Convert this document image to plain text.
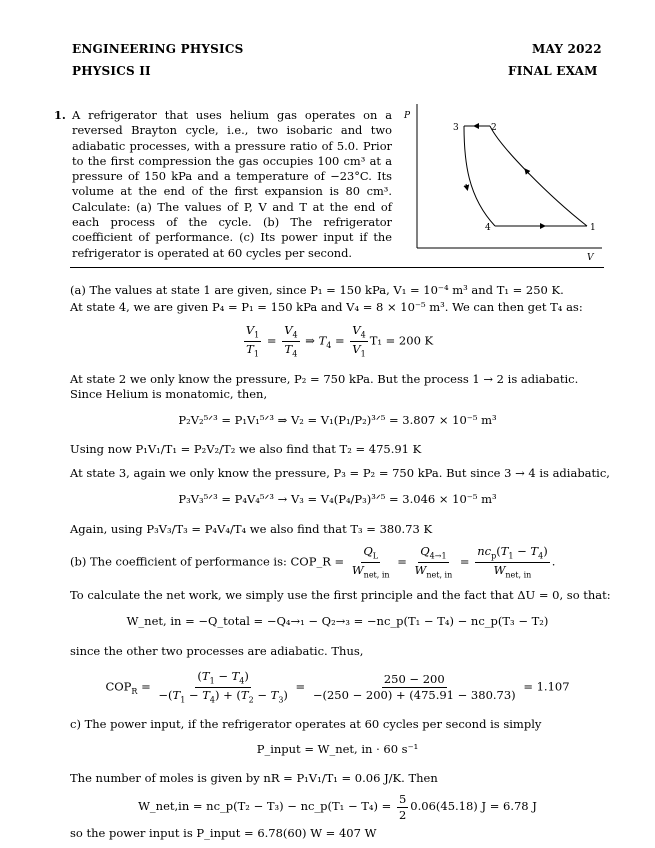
ENGINEERING PHYSICS
PHYSICS II
MAY 2022
FINAL EXAM
1. A refrigerator that uses helium gas operates on a reversed Brayton cycle, i.e., two isobaric and two adiabatic processes, with a pressure ratio of 5.0. Prior to the first compression the gas occupies 100 cm³ at a pressure of 150 kPa and a temperature of −23°C. Its volume at the end of the first expansion is 80 cm³. Calculate: (a) The values of P, V and T at the end of each process of the cycle. (b) The refrigerator coefficient of performance. (c) Its power input if the refrigerator is operated at 60 cycles per second.
P
V
1
2
3
4
(a) The values at state 1 are given, since P₁ = 150 kPa, V₁ = 10⁻⁴ m³ and T₁ = 250 K.
At state 4, we are given P₄ = P₁ = 150 kPa and V₄ = 8 × 10⁻⁵ m³. We can then get T₄ as:
$\frac{V_1}{T_1} = \frac{V_4}{T_4}$ ⇒ $T_4 = \frac{V_4}{V_1} T_1 = 200$ K
At state 2 we only know the pressure, P₂ = 750 kPa. But the process 1 → 2 is adiabatic. Since Helium is monatomic, then,
P₂V₂⁵ᐟ³ = P₁V₁⁵ᐟ³ ⇒ V₂ = V₁(P₁/P₂)³ᐟ⁵ = 3.807 × 10⁻⁵ m³
Using now P₁V₁/T₁ = P₂V₂/T₂ we also find that T₂ = 475.91 K
At state 3, again we only know the pressure, P₃ = P₂ = 750 kPa. But since 3 → 4 is adiabatic,
P₃V₃⁵ᐟ³ = P₄V₄⁵ᐟ³ → V₃ = V₄(P₄/P₃)³ᐟ⁵ = 3.046 × 10⁻⁵ m³
Again, using P₃V₃/T₃ = P₄V₄/T₄ we also find that T₃ = 380.73 K
(b) The coefficient of performance is: COP_R = $\frac{Q_L}{W_{net, in}} = \frac{Q_{4\to 1}}{W_{net, in}} = \frac{nc_p(T_1 - T_4)}{W_{net, in}}$ .
To calculate the net work, we simply use the first principle and the fact that ΔU = 0, so that:
W_net, in = −Q_total = −Q₄→₁ − Q₂→₃ = −nc_p(T₁ − T₄) − nc_p(T₃ − T₂)
since the other two processes are adiabatic. Thus,
$COP_R = \frac{(T_1 - T_4)}{-(T_1 - T_4) + (T_2 - T_3)} = \frac{250 - 200}{-(250 - 200) + (475.91 - 380.73)} = 1.107$
c) The power input, if the refrigerator operates at 60 cycles per second is simply
P_input = W_net, in · 60 s⁻¹
The number of moles is given by nR = P₁V₁/T₁ = 0.06 J/K. Then
W_net,in = nc_p(T₂ − T₃) − nc_p(T₁ − $T_4) = \frac{5}{2} 0.06(45.18) J = 6.78$ J
so the power input is P_input = 6.78(60) W = 407 W
